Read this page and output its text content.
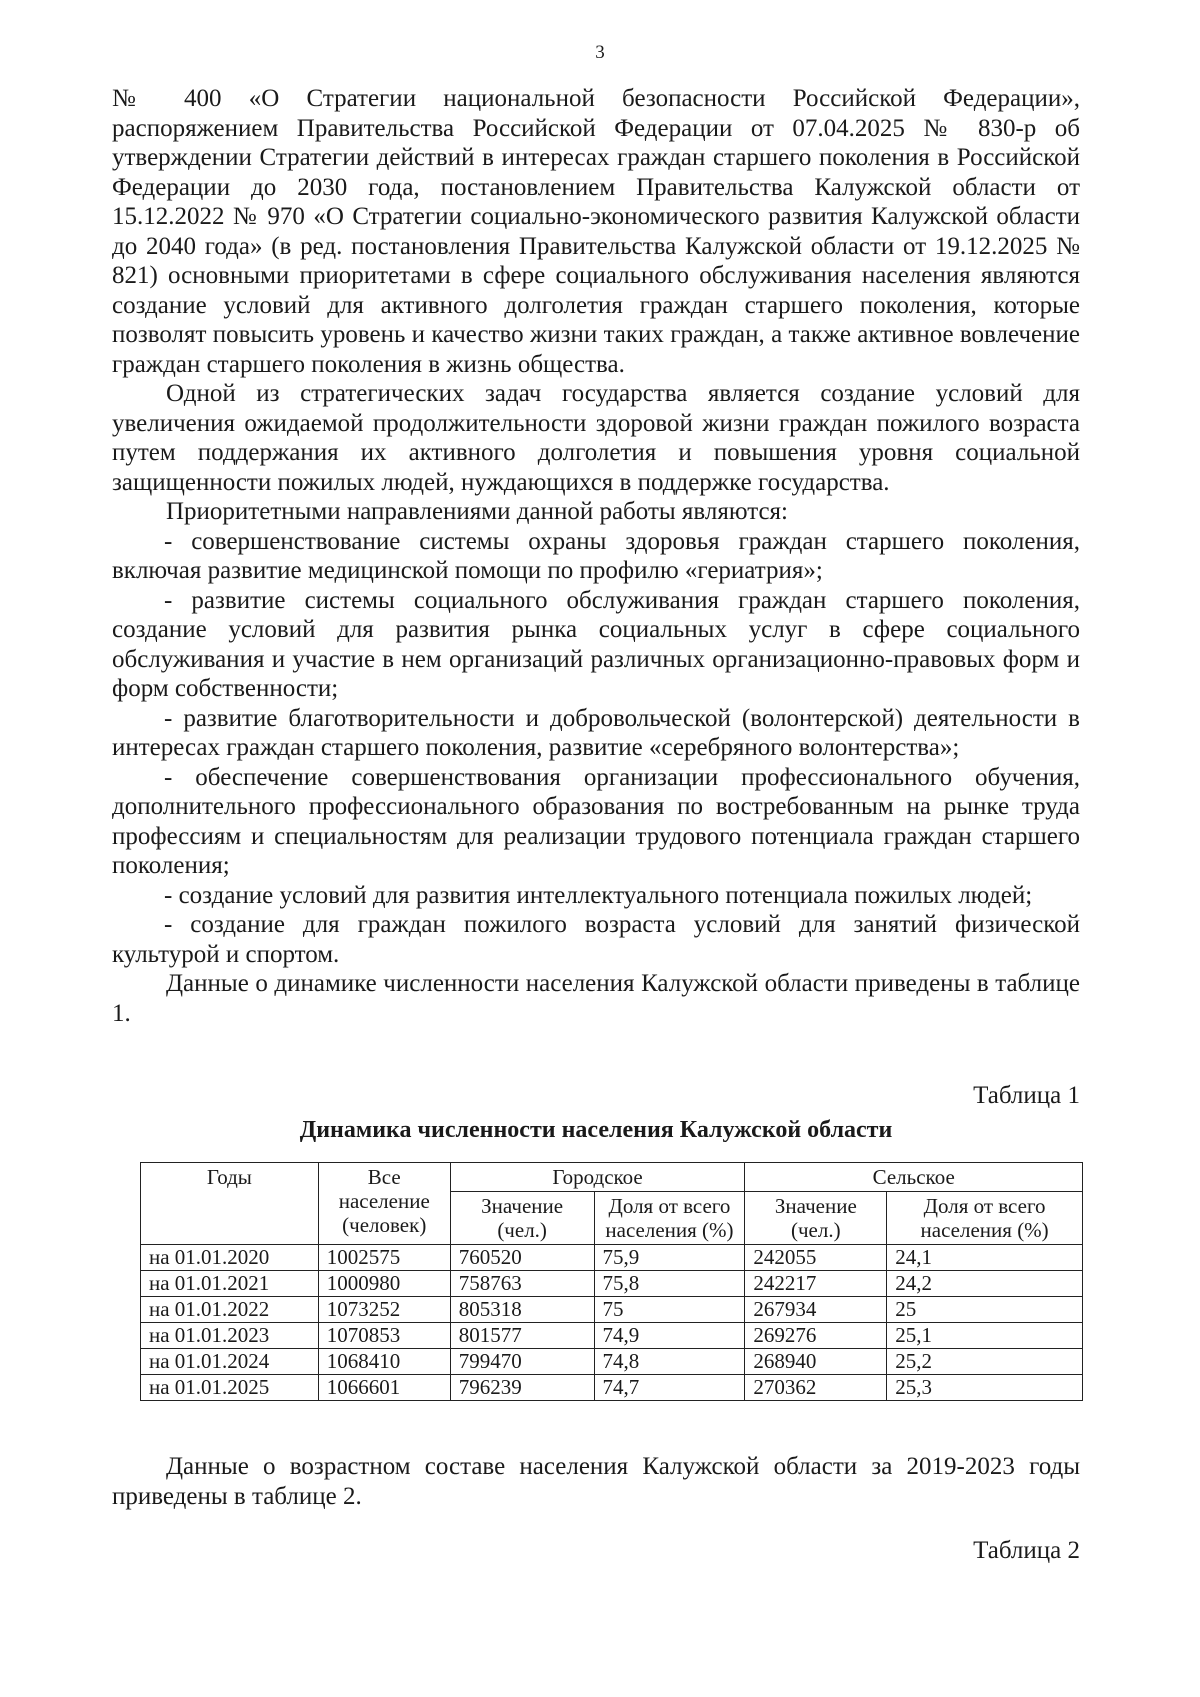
3

№ 400 «О Стратегии национальной безопасности Российской Федерации», распоряжением Правительства Российской Федерации от 07.04.2025 № 830-р об утверждении Стратегии действий в интересах граждан старшего поколения в Российской Федерации до 2030 года, постановлением Правительства Калужской области от 15.12.2022 № 970 «О Стратегии социально-экономического развития Калужской области до 2040 года» (в ред. постановления Правительства Калужской области от 19.12.2025 № 821) основными приоритетами в сфере социального обслуживания населения являются создание условий для активного долголетия граждан старшего поколения, которые позволят повысить уровень и качество жизни таких граждан, а также активное вовлечение граждан старшего поколения в жизнь общества.

Одной из стратегических задач государства является создание условий для увеличения ожидаемой продолжительности здоровой жизни граждан пожилого возраста путем поддержания их активного долголетия и повышения уровня социальной защищенности пожилых людей, нуждающихся в поддержке государства.

Приоритетными направлениями данной работы являются:

- совершенствование системы охраны здоровья граждан старшего поколения, включая развитие медицинской помощи по профилю «гериатрия»;

- развитие системы социального обслуживания граждан старшего поколения, создание условий для развития рынка социальных услуг в сфере социального обслуживания и участие в нем организаций различных организационно-правовых форм и форм собственности;

- развитие благотворительности и добровольческой (волонтерской) деятельности в интересах граждан старшего поколения, развитие «серебряного волонтерства»;

- обеспечение совершенствования организации профессионального обучения, дополнительного профессионального образования по востребованным на рынке труда профессиям и специальностям для реализации трудового потенциала граждан старшего поколения;

- создание условий для развития интеллектуального потенциала пожилых людей;

- создание для граждан пожилого возраста условий для занятий физической культурой и спортом.

Данные о динамике численности населения Калужской области приведены в таблице 1.

Таблица 1
Динамика численности населения Калужской области
Годы	Все население (человек)	Городское		Сельское	
		Значение (чел.)	Доля от всего населения (%)	Значение (чел.)	Доля от всего населения (%)
на 01.01.2020	1002575	760520	75,9	242055	24,1
на 01.01.2021	1000980	758763	75,8	242217	24,2
на 01.01.2022	1073252	805318	75	267934	25
на 01.01.2023	1070853	801577	74,9	269276	25,1
на 01.01.2024	1068410	799470	74,8	268940	25,2
на 01.01.2025	1066601	796239	74,7	270362	25,3

Данные о возрастном составе населения Калужской области за 2019-2023 годы приведены в таблице 2.

Таблица 2
